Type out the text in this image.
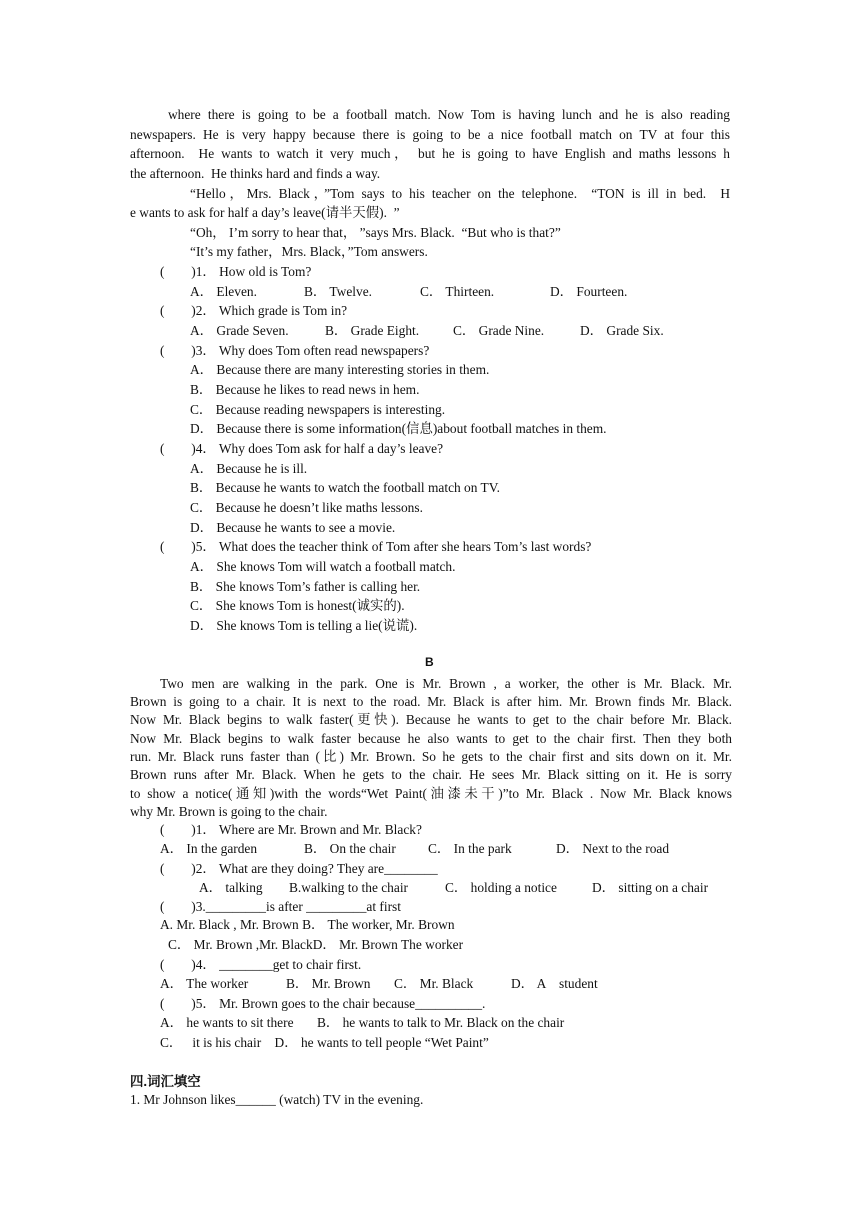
where there is going to be a football match. Now Tom is having lunch and he is also reading
newspapers. He is very happy because there is going to be a nice football match on TV at four this
afternoon.  He wants to watch it very much， but he is going to have English and maths lessons h
the afternoon.  He thinks hard and finds a way.
“Hello，Mrs. Black，”Tom says to his teacher on the telephone.  “TON is ill in bed.  H
e wants to ask for half a day’s leave(请半天假).  ”
“Oh， I’m sorry to hear that， ”says Mrs. Black.  “But who is that?”
“It’s my father，Mrs. Black，”Tom answers.
(        )1． How old is Tom?
A． Eleven.	B． Twelve.	C． Thirteen.	D． Fourteen.
(        )2． Which grade is Tom in?
A． Grade Seven.	B． Grade Eight.	C． Grade Nine.	D． Grade Six.
(        )3． Why does Tom often read newspapers?
A． Because there are many interesting stories in them.
B． Because he likes to read news in hem.
C． Because reading newspapers is interesting.
D． Because there is some information(信息)about football matches in them.
(        )4． Why does Tom ask for half a day’s leave?
A． Because he is ill.
B． Because he wants to watch the football match on TV.
C． Because he doesn’t like maths lessons.
D． Because he wants to see a movie.
(        )5． What does the teacher think of Tom after she hears Tom’s last words?
A． She knows Tom will watch a football match.
B． She knows Tom’s father is calling her.
C． She knows Tom is honest(诚实的).
D． She knows Tom is telling a lie(说谎).
B
Two men are walking in the park. One is Mr. Brown , a worker, the other is Mr. Black. Mr.
Brown is going to a chair. It is next to the road. Mr. Black is after him. Mr. Brown finds Mr. Black.
Now Mr. Black begins to walk faster(更快). Because he wants to get to the chair before Mr. Black.
Now Mr. Black begins to walk faster because he also wants to get to the chair first. Then they both
run. Mr. Black runs faster than (比) Mr. Brown. So he gets to the chair first and sits down on it. Mr.
Brown runs after Mr. Black. When he gets to the chair. He sees Mr. Black sitting on it. He is sorry
to show a notice(通知)with the words“Wet Paint(油漆未干)”to Mr. Black . Now Mr. Black knows
why Mr. Brown is going to the chair.
(        )1． Where are Mr. Brown and Mr. Black?
A． In the garden	B． On the chair C． In the park	D． Next to the road
(        )2． What are they doing? They are________
A． talking B.walking to the chair	C． holding a notice	D． sitting on a chair
(        )3._________is after _________at first
A. Mr. Black , Mr. Brown B． The worker, Mr. Brown
C． Mr. Brown ,Mr. BlackD． Mr. Brown The worker
(        )4． ________get to chair first.
A． The worker	B． Mr. Brown C． Mr. Black	D． A    student
(        )5． Mr. Brown goes to the chair because__________.
A． he wants to sit there       B． he wants to talk to Mr. Black on the chair
C．   it is his chair    D． he wants to tell people “Wet Paint”
四.词汇填空
1. Mr Johnson likes______ (watch) TV in the evening.
